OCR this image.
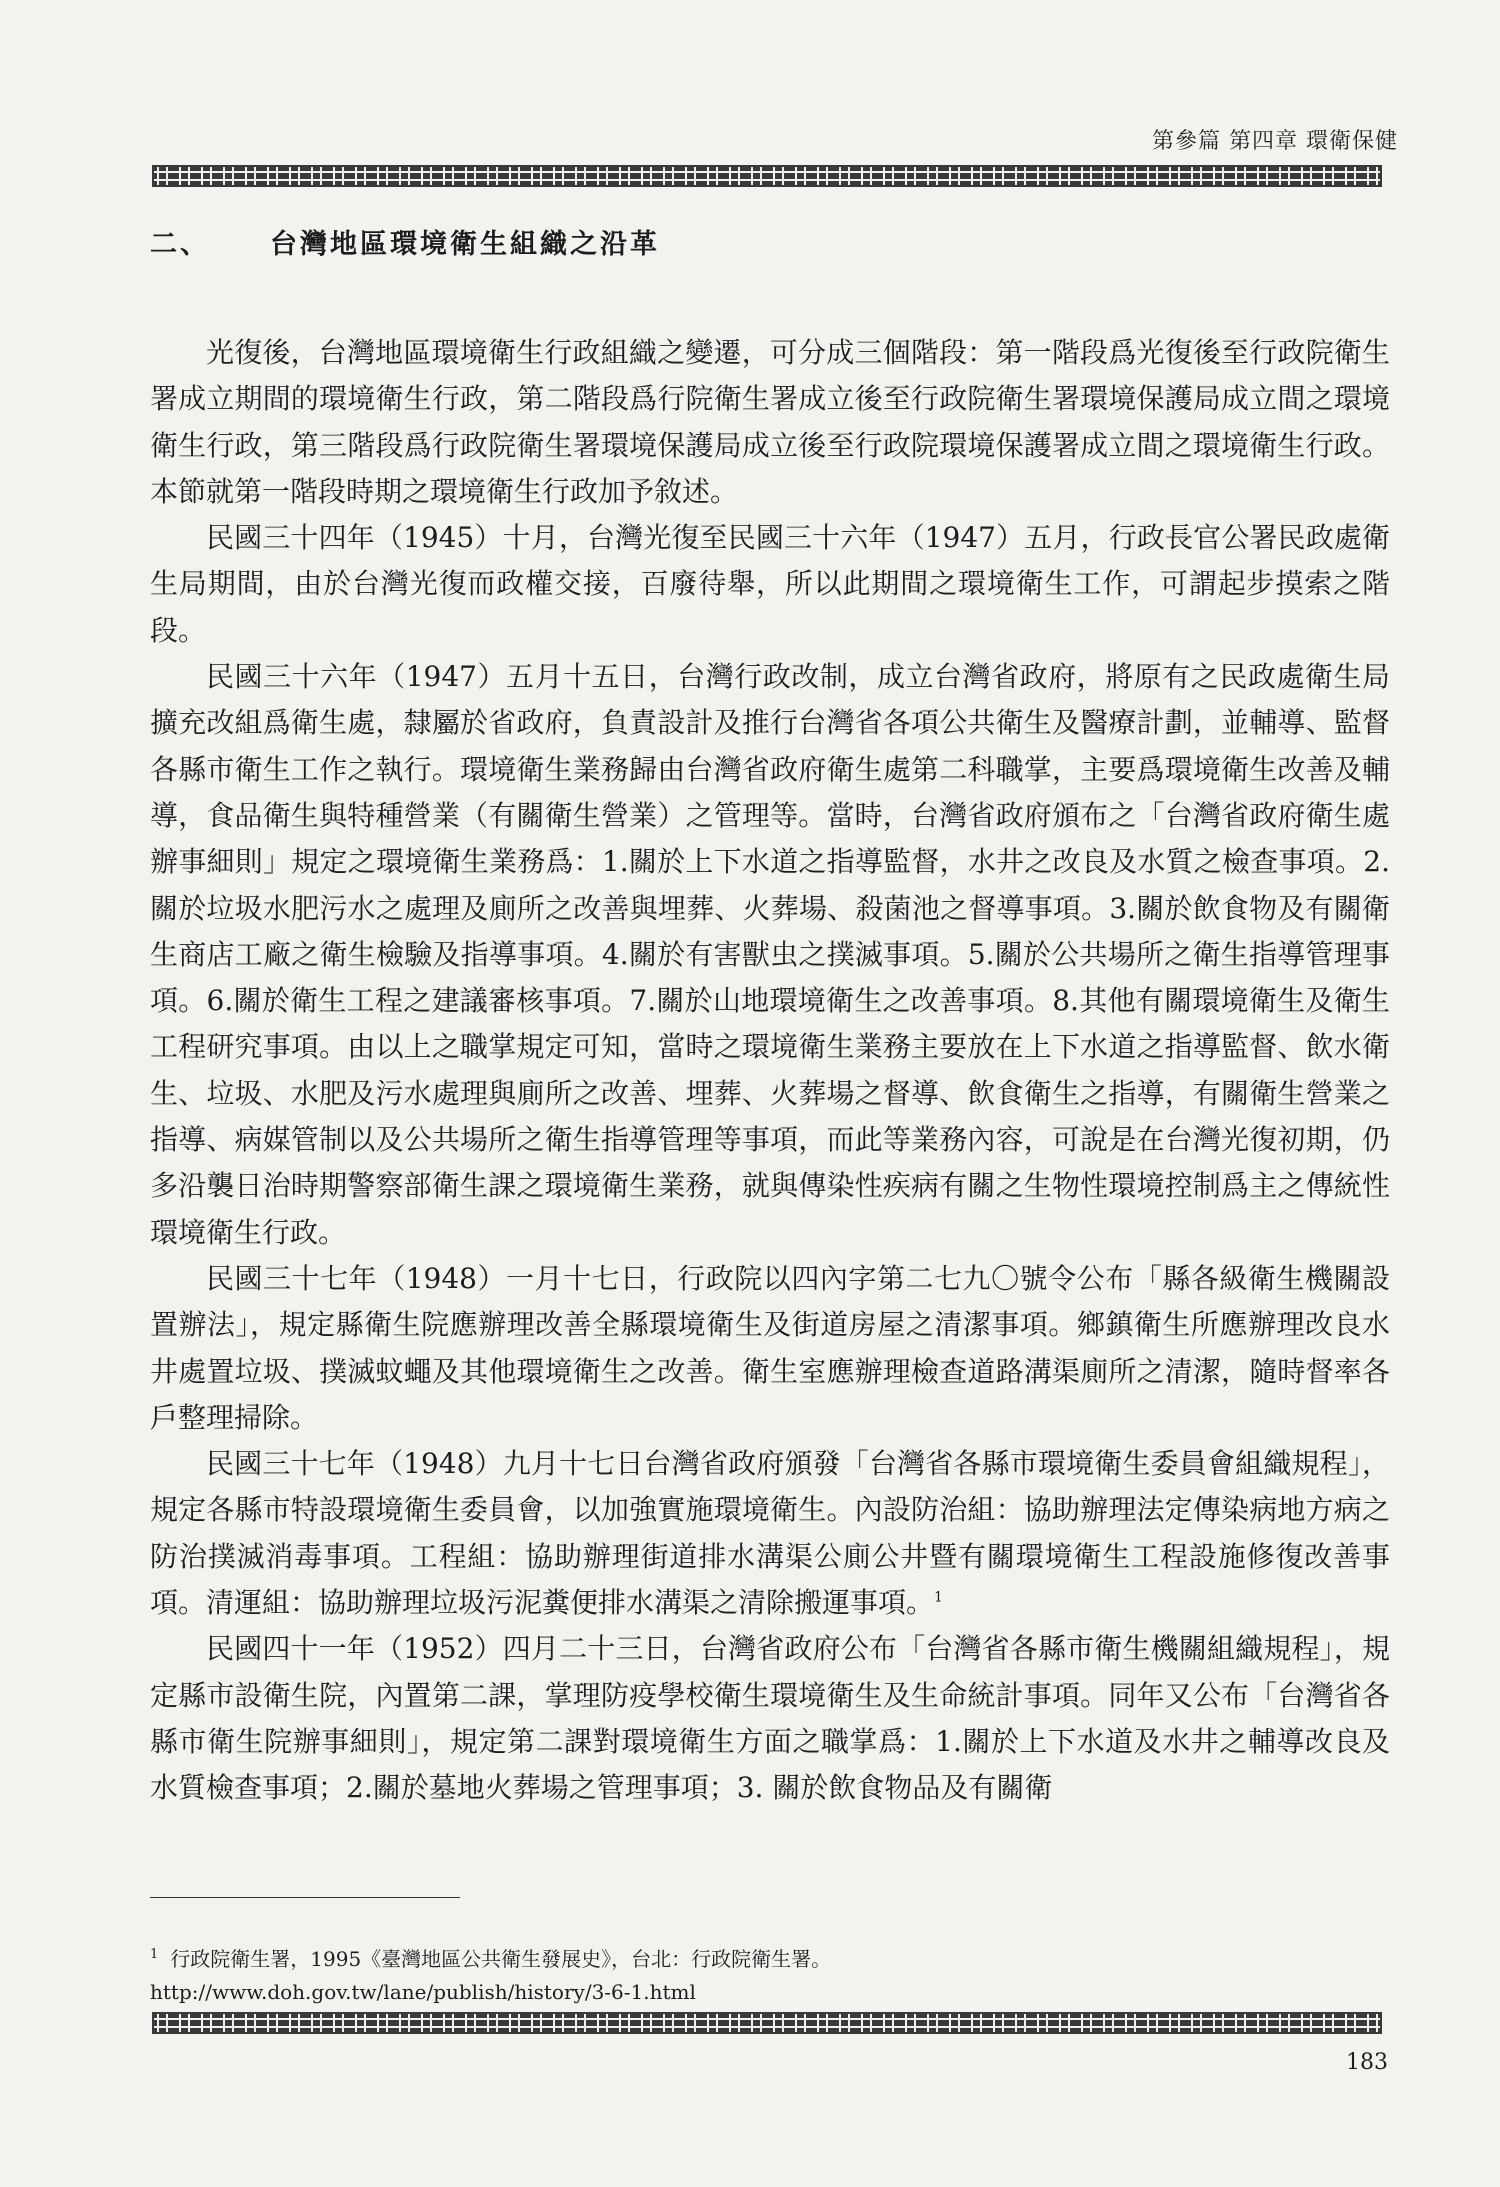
第參篇 第四章 環衛保健
二、 台灣地區環境衛生組織之沿革

光復後，台灣地區環境衛生行政組織之變遷，可分成三個階段：第一階段爲光復後至行政院衛生署成立期間的環境衛生行政，第二階段爲行院衛生署成立後至行政院衛生署環境保護局成立間之環境衛生行政，第三階段爲行政院衛生署環境保護局成立後至行政院環境保護署成立間之環境衛生行政。本節就第一階段時期之環境衛生行政加予敘述。

民國三十四年（1945）十月，台灣光復至民國三十六年（1947）五月，行政長官公署民政處衛生局期間，由於台灣光復而政權交接，百廢待舉，所以此期間之環境衛生工作，可謂起步摸索之階段。

民國三十六年（1947）五月十五日，台灣行政改制，成立台灣省政府，將原有之民政處衛生局擴充改組爲衛生處，隸屬於省政府，負責設計及推行台灣省各項公共衛生及醫療計劃，並輔導、監督各縣市衛生工作之執行。環境衛生業務歸由台灣省政府衛生處第二科職掌，主要爲環境衛生改善及輔導，食品衛生與特種營業（有關衛生營業）之管理等。當時，台灣省政府頒布之「台灣省政府衛生處辦事細則」規定之環境衛生業務爲：1.關於上下水道之指導監督，水井之改良及水質之檢查事項。2.關於垃圾水肥污水之處理及廁所之改善與埋葬、火葬場、殺菌池之督導事項。3.關於飲食物及有關衛生商店工廠之衛生檢驗及指導事項。4.關於有害獸虫之撲滅事項。5.關於公共場所之衛生指導管理事項。6.關於衛生工程之建議審核事項。7.關於山地環境衛生之改善事項。8.其他有關環境衛生及衛生工程研究事項。由以上之職掌規定可知，當時之環境衛生業務主要放在上下水道之指導監督、飲水衛生、垃圾、水肥及污水處理與廁所之改善、埋葬、火葬場之督導、飲食衛生之指導，有關衛生營業之指導、病媒管制以及公共場所之衛生指導管理等事項，而此等業務內容，可說是在台灣光復初期，仍多沿襲日治時期警察部衛生課之環境衛生業務，就與傳染性疾病有關之生物性環境控制爲主之傳統性環境衛生行政。

民國三十七年（1948）一月十七日，行政院以四內字第二七九〇號令公布「縣各級衛生機關設置辦法」，規定縣衛生院應辦理改善全縣環境衛生及街道房屋之清潔事項。鄉鎮衛生所應辦理改良水井處置垃圾、撲滅蚊蠅及其他環境衛生之改善。衛生室應辦理檢查道路溝渠廁所之清潔，隨時督率各戶整理掃除。

民國三十七年（1948）九月十七日台灣省政府頒發「台灣省各縣市環境衛生委員會組織規程」，規定各縣市特設環境衛生委員會，以加強實施環境衛生。內設防治組：協助辦理法定傳染病地方病之防治撲滅消毒事項。工程組：協助辦理街道排水溝渠公廁公井暨有關環境衛生工程設施修復改善事項。清運組：協助辦理垃圾污泥糞便排水溝渠之清除搬運事項。$^1$

民國四十一年（1952）四月二十三日，台灣省政府公布「台灣省各縣市衛生機關組織規程」，規定縣市設衛生院，內置第二課，掌理防疫學校衛生環境衛生及生命統計事項。同年又公布「台灣省各縣市衛生院辦事細則」，規定第二課對環境衛生方面之職掌爲：1.關於上下水道及水井之輔導改良及水質檢查事項；2.關於墓地火葬場之管理事項；3. 關於飲食物品及有關衛

$^1$ 行政院衛生署，1995《臺灣地區公共衛生發展史》，台北：行政院衛生署。
http://www.doh.gov.tw/lane/publish/history/3-6-1.html
183
